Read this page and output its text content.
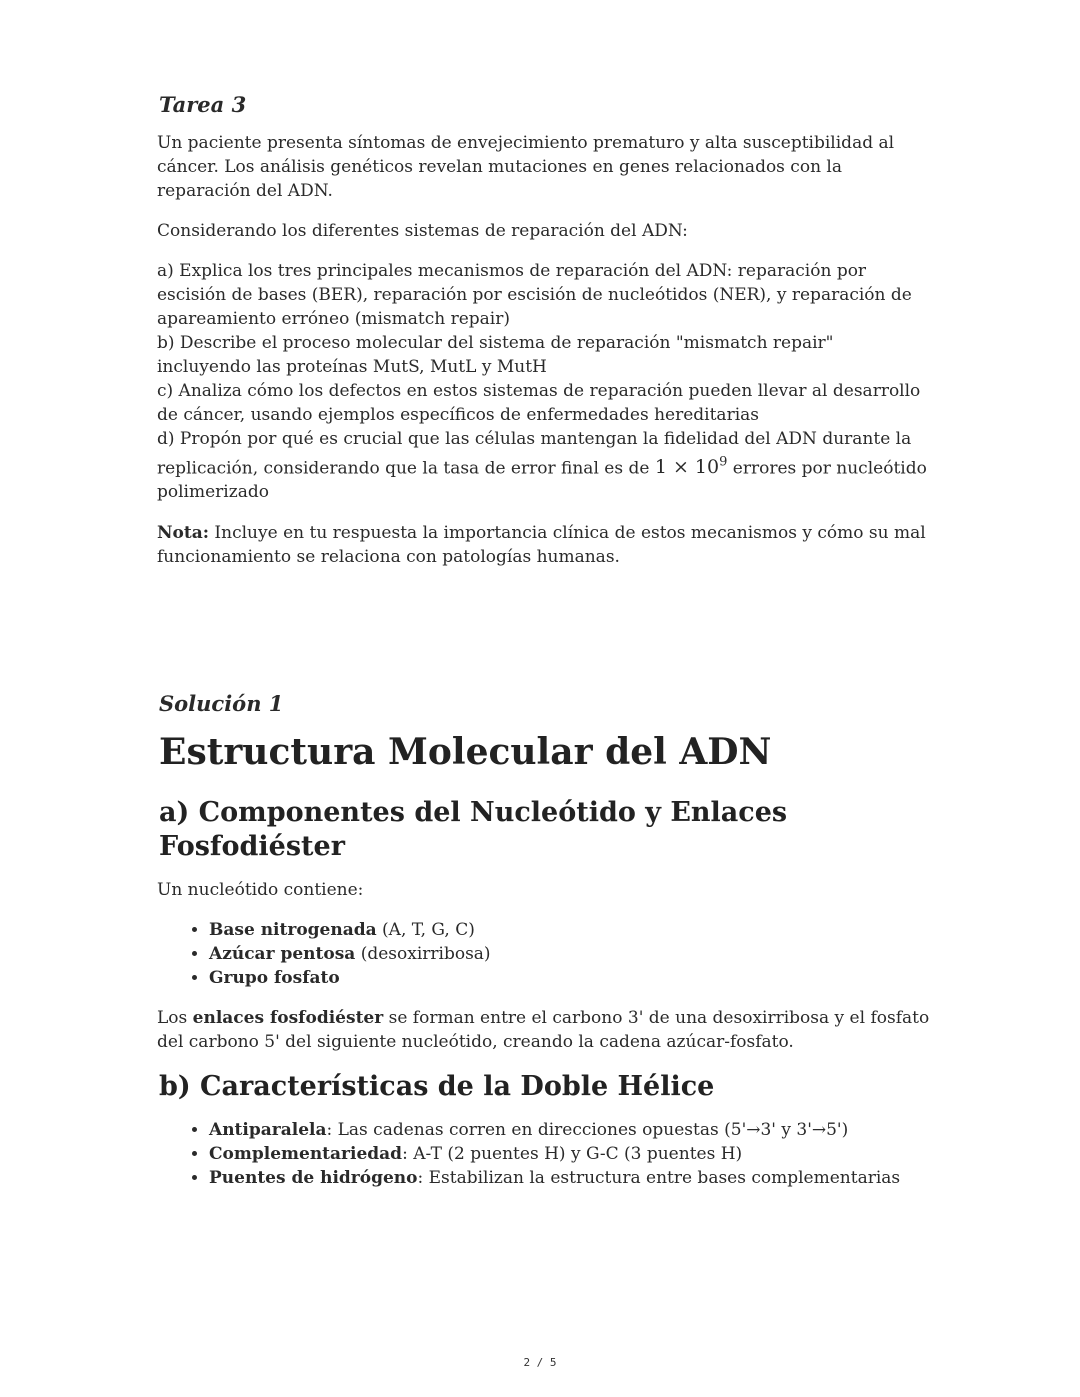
Tarea 3

Un paciente presenta síntomas de envejecimiento prematuro y alta susceptibilidad al cáncer. Los análisis genéticos revelan mutaciones en genes relacionados con la reparación del ADN.

Considerando los diferentes sistemas de reparación del ADN:

a) Explica los tres principales mecanismos de reparación del ADN: reparación por escisión de bases (BER), reparación por escisión de nucleótidos (NER), y reparación de apareamiento erróneo (mismatch repair)
b) Describe el proceso molecular del sistema de reparación "mismatch repair" incluyendo las proteínas MutS, MutL y MutH
c) Analiza cómo los defectos en estos sistemas de reparación pueden llevar al desarrollo de cáncer, usando ejemplos específicos de enfermedades hereditarias
d) Propón por qué es crucial que las células mantengan la fidelidad del ADN durante la replicación, considerando que la tasa de error final es de $1 \times 10^9$ errores por nucleótido polimerizado

Nota: Incluye en tu respuesta la importancia clínica de estos mecanismos y cómo su mal funcionamiento se relaciona con patologías humanas.

Solución 1
Estructura Molecular del ADN
a) Componentes del Nucleótido y Enlaces Fosfodiéster

Un nucleótido contiene:

• Base nitrogenada (A, T, G, C)
• Azúcar pentosa (desoxirribosa)
• Grupo fosfato

Los enlaces fosfodiéster se forman entre el carbono 3' de una desoxirribosa y el fosfato del carbono 5' del siguiente nucleótido, creando la cadena azúcar-fosfato.

b) Características de la Doble Hélice
• Antiparalela: Las cadenas corren en direcciones opuestas (5'→3' y 3'→5')
• Complementariedad: A-T (2 puentes H) y G-C (3 puentes H)
• Puentes de hidrógeno: Estabilizan la estructura entre bases complementarias
2 / 5
